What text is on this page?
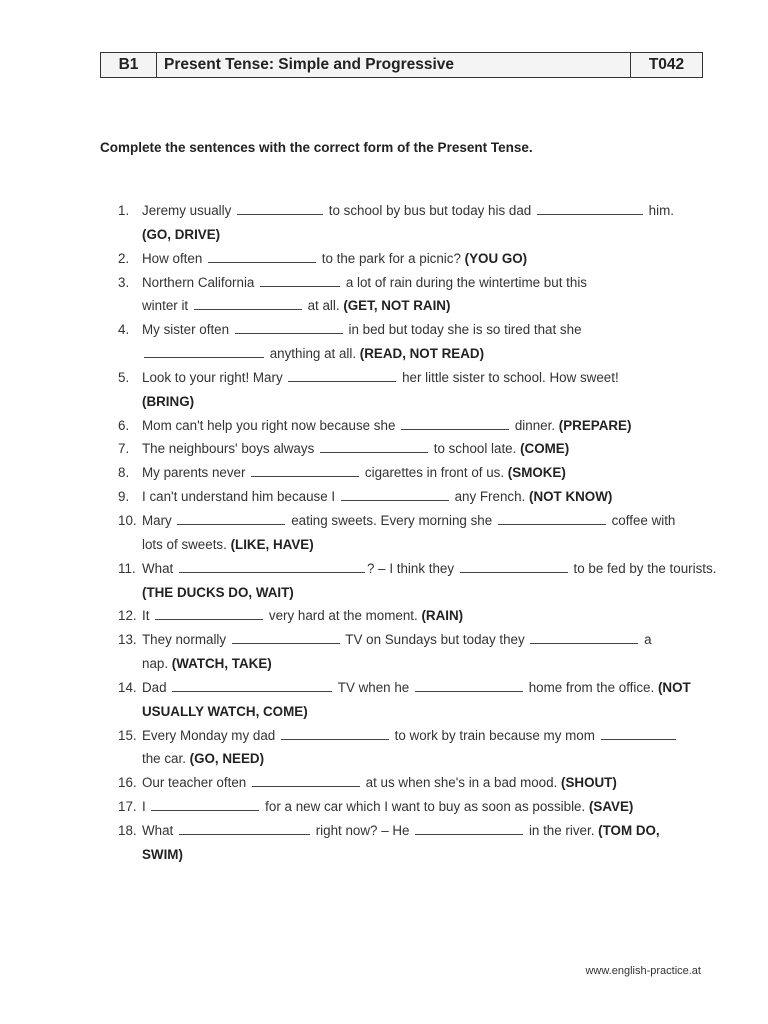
B1	Present Tense: Simple and Progressive	T042
Complete the sentences with the correct form of the Present Tense.
1. Jeremy usually	to school by bus but today his dad	him.
(GO, DRIVE)
2. How often	to the park for a picnic? (YOU GO)
3. Northern California	a lot of rain during the wintertime but this
winter it	at all. (GET, NOT RAIN)
4. My sister often	in bed but today she is so tired that she
anything at all. (READ, NOT READ)
5. Look to your right! Mary	her little sister to school. How sweet!
(BRING)
6. Mom can't help you right now because she	dinner. (PREPARE)
7. The neighbours' boys always	to school late. (COME)
8. My parents never	cigarettes in front of us. (SMOKE)
9. I can't understand him because I	any French. (NOT KNOW)
10. Mary	eating sweets. Every morning she	coffee with
lots of sweets. (LIKE, HAVE)
11. What	? – I think they	to be fed by the tourists.
(THE DUCKS DO, WAIT)
12. It	very hard at the moment. (RAIN)
13. They normally	TV on Sundays but today they	a
nap. (WATCH, TAKE)
14. Dad	TV when he	home from the office. (NOT
USUALLY WATCH, COME)
15. Every Monday my dad	to work by train because my mom
the car. (GO, NEED)
16. Our teacher often	at us when she's in a bad mood. (SHOUT)
17. I	for a new car which I want to buy as soon as possible. (SAVE)
18. What	right now? – He	in the river. (TOM DO,
SWIM)
www.english-practice.at
